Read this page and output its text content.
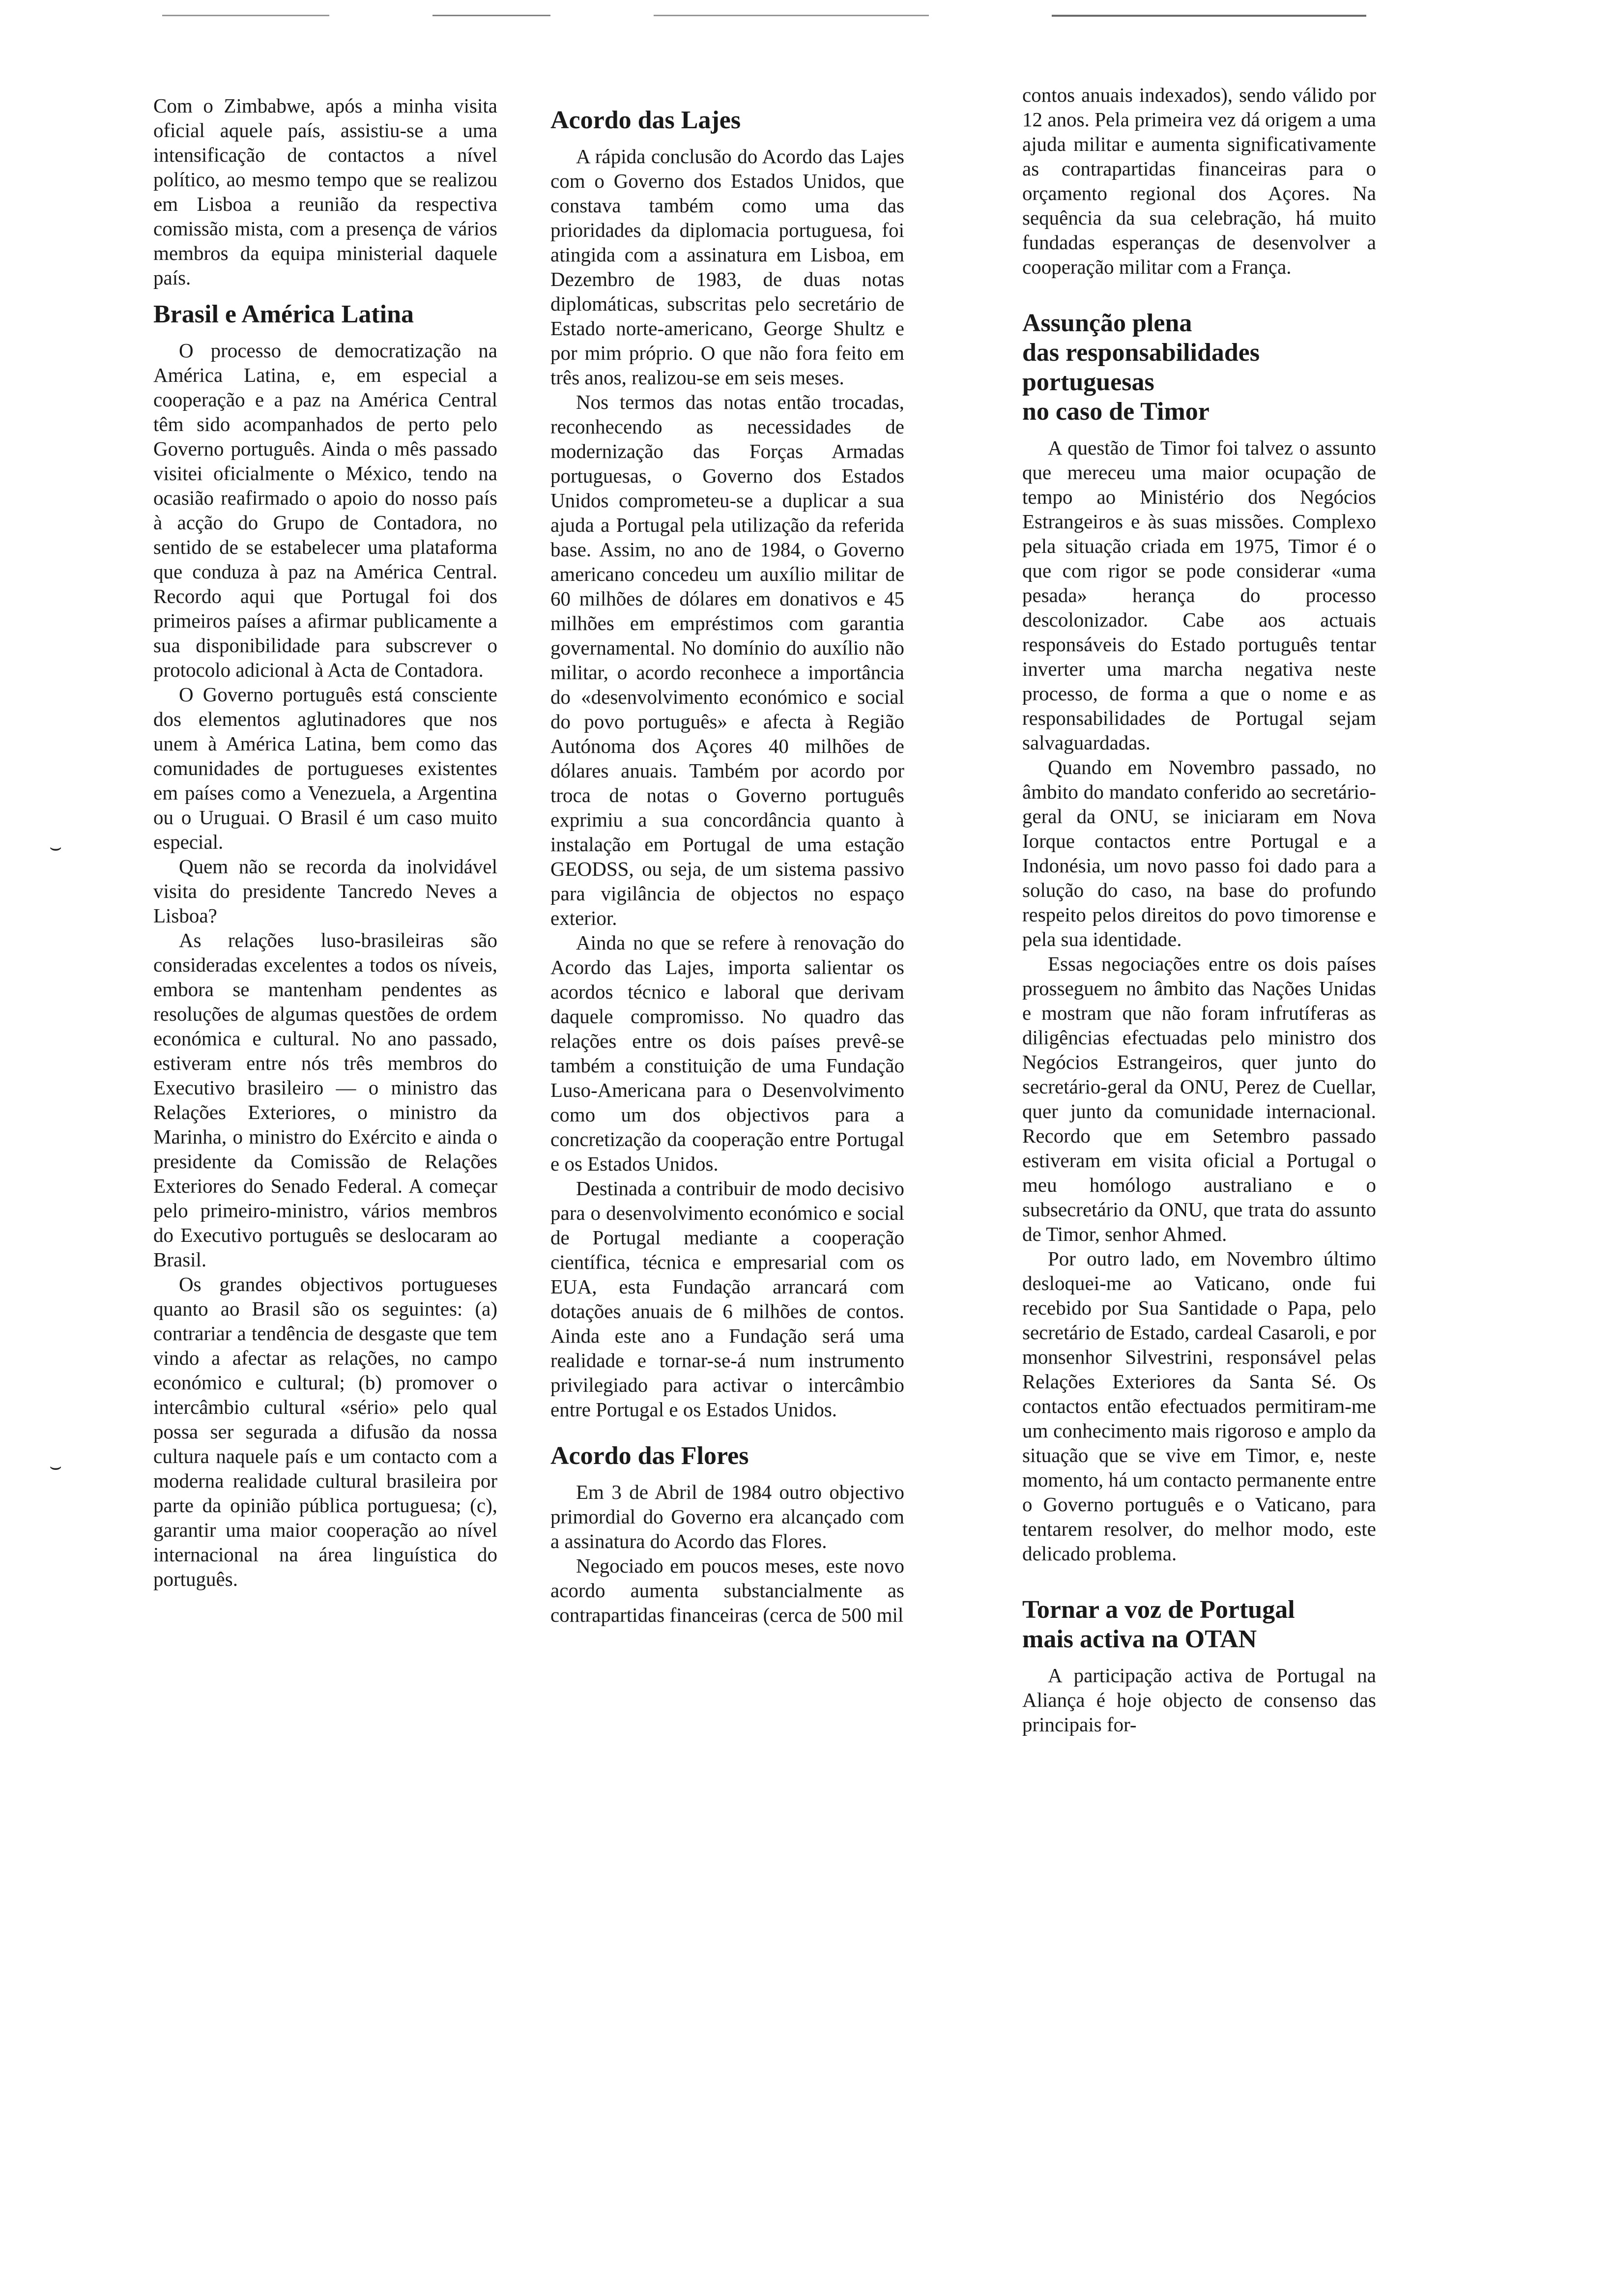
⌣
⌣

Com o Zimbabwe, após a minha visita oficial aquele país, assistiu-se a uma intensificação de contactos a nível político, ao mesmo tempo que se realizou em Lisboa a reunião da respectiva comissão mista, com a presença de vários membros da equipa ministerial daquele país.

Brasil e América Latina

O processo de democratização na América Latina, e, em especial a cooperação e a paz na América Central têm sido acompanhados de perto pelo Governo português. Ainda o mês passado visitei oficialmente o México, tendo na ocasião reafirmado o apoio do nosso país à acção do Grupo de Contadora, no sentido de se estabelecer uma plataforma que conduza à paz na América Central. Recordo aqui que Portugal foi dos primeiros países a afirmar publicamente a sua disponibilidade para subscrever o protocolo adicional à Acta de Contadora.

O Governo português está consciente dos elementos aglutinadores que nos unem à América Latina, bem como das comunidades de portugueses existentes em países como a Venezuela, a Argentina ou o Uruguai. O Brasil é um caso muito especial.

Quem não se recorda da inolvidável visita do presidente Tancredo Neves a Lisboa?

As relações luso-brasileiras são consideradas excelentes a todos os níveis, embora se mantenham pendentes as resoluções de algumas questões de ordem económica e cultural. No ano passado, estiveram entre nós três membros do Executivo brasileiro — o ministro das Relações Exteriores, o ministro da Marinha, o ministro do Exército e ainda o presidente da Comissão de Relações Exteriores do Senado Federal. A começar pelo primeiro-ministro, vários membros do Executivo português se deslocaram ao Brasil.

Os grandes objectivos portugueses quanto ao Brasil são os seguintes: (a) contrariar a tendência de desgaste que tem vindo a afectar as relações, no campo económico e cultural; (b) promover o intercâmbio cultural «sério» pelo qual possa ser segurada a difusão da nossa cultura naquele país e um contacto com a moderna realidade cultural brasileira por parte da opinião pública portuguesa; (c), garantir uma maior cooperação ao nível internacional na área linguística do português.

Acordo das Lajes

A rápida conclusão do Acordo das Lajes com o Governo dos Estados Unidos, que constava também como uma das prioridades da diplomacia portuguesa, foi atingida com a assinatura em Lisboa, em Dezembro de 1983, de duas notas diplomáticas, subscritas pelo secretário de Estado norte-americano, George Shultz e por mim próprio. O que não fora feito em três anos, realizou-se em seis meses.

Nos termos das notas então trocadas, reconhecendo as necessidades de modernização das Forças Armadas portuguesas, o Governo dos Estados Unidos comprometeu-se a duplicar a sua ajuda a Portugal pela utilização da referida base. Assim, no ano de 1984, o Governo americano concedeu um auxílio militar de 60 milhões de dólares em donativos e 45 milhões em empréstimos com garantia governamental. No domínio do auxílio não militar, o acordo reconhece a importância do «desenvolvimento económico e social do povo português» e afecta à Região Autónoma dos Açores 40 milhões de dólares anuais. Também por acordo por troca de notas o Governo português exprimiu a sua concordância quanto à instalação em Portugal de uma estação GEODSS, ou seja, de um sistema passivo para vigilância de objectos no espaço exterior.

Ainda no que se refere à renovação do Acordo das Lajes, importa salientar os acordos técnico e laboral que derivam daquele compromisso. No quadro das relações entre os dois países prevê-se também a constituição de uma Fundação Luso-Americana para o Desenvolvimento como um dos objectivos para a concretização da cooperação entre Portugal e os Estados Unidos.

Destinada a contribuir de modo decisivo para o desenvolvimento económico e social de Portugal mediante a cooperação científica, técnica e empresarial com os EUA, esta Fundação arrancará com dotações anuais de 6 milhões de contos. Ainda este ano a Fundação será uma realidade e tornar-se-á num instrumento privilegiado para activar o intercâmbio entre Portugal e os Estados Unidos.

Acordo das Flores

Em 3 de Abril de 1984 outro objectivo primordial do Governo era alcançado com a assinatura do Acordo das Flores.

Negociado em poucos meses, este novo acordo aumenta substancialmente as contrapartidas financeiras (cerca de 500 mil

contos anuais indexados), sendo válido por 12 anos. Pela primeira vez dá origem a uma ajuda militar e aumenta significativamente as contrapartidas financeiras para o orçamento regional dos Açores. Na sequência da sua celebração, há muito fundadas esperanças de desenvolver a cooperação militar com a França.

Assunção plena
das responsabilidades
portuguesas
no caso de Timor

A questão de Timor foi talvez o assunto que mereceu uma maior ocupação de tempo ao Ministério dos Negócios Estrangeiros e às suas missões. Complexo pela situação criada em 1975, Timor é o que com rigor se pode considerar «uma pesada» herança do processo descolonizador. Cabe aos actuais responsáveis do Estado português tentar inverter uma marcha negativa neste processo, de forma a que o nome e as responsabilidades de Portugal sejam salvaguardadas.

Quando em Novembro passado, no âmbito do mandato conferido ao secretário-geral da ONU, se iniciaram em Nova Iorque contactos entre Portugal e a Indonésia, um novo passo foi dado para a solução do caso, na base do profundo respeito pelos direitos do povo timorense e pela sua identidade.

Essas negociações entre os dois países prosseguem no âmbito das Nações Unidas e mostram que não foram infrutíferas as diligências efectuadas pelo ministro dos Negócios Estrangeiros, quer junto do secretário-geral da ONU, Perez de Cuellar, quer junto da comunidade internacional. Recordo que em Setembro passado estiveram em visita oficial a Portugal o meu homólogo australiano e o subsecretário da ONU, que trata do assunto de Timor, senhor Ahmed.

Por outro lado, em Novembro último desloquei-me ao Vaticano, onde fui recebido por Sua Santidade o Papa, pelo secretário de Estado, cardeal Casaroli, e por monsenhor Silvestrini, responsável pelas Relações Exteriores da Santa Sé. Os contactos então efectuados permitiram-me um conhecimento mais rigoroso e amplo da situação que se vive em Timor, e, neste momento, há um contacto permanente entre o Governo português e o Vaticano, para tentarem resolver, do melhor modo, este delicado problema.

Tornar a voz de Portugal
mais activa na OTAN

A participação activa de Portugal na Aliança é hoje objecto de consenso das principais for-
